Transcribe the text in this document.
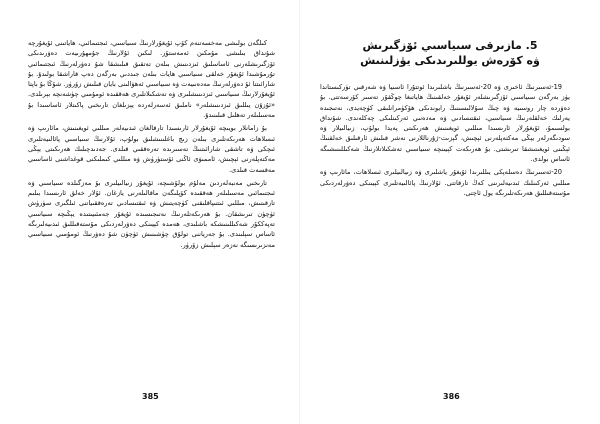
كىلگەن بولىشى مەخسەتنەم كۆپ ئۇيغۇرلارنىڭ سىياسىي، ئىجتىمائىي، ھاياتىنى ئۇيغۇرچە شۇنداق بىلىشى مۇمكىن ئەمەستۇر. لىكىن ئۇلارنىڭ جۇمھۇرىيەت دەۋرىدىكى ئۆزگىرىشلەرنى ئاساسلىق ئىزدىنىش بىلەن تەتقىق قىلىشقا شۇ دەۋرلەرنىڭ ئىجتىمائىي تۇرمۇشىدا ئۇيغۇر خەلقى سىياسىي ھايات بىلەن جىددىي بەرگەن دەپ قاراشقا بولىدۇ. بۇ شارائىتتا ئۇ دەۋرلەرنىڭ مەدەنىيەت ۋە سىياسىي ئەھۋالىنى بايان قىلىش زۆرۈر. شۇڭا بۇ باپتا ئۇيغۇرلارنىڭ سىياسىي ئىزدىنىشلىرى ۋە تەشكىلاتلىرى ھەققىدە ئومۇمىي چۈشەنچە بېرىلدى. «ئۇزۇن يىللىق ئىزدىنىشلەر» ناملىق ئەسەرلەردە يېزىلغان تارىخىي پاكىتلار ئاساسىدا بۇ مەسىلىلەر تەھلىل قىلىنىدۇ.

بۇ زامانلار بويىچە ئۇيغۇرلار ئارىسىدا تارقالغان ئىدىيەلەر مىللىي ئويغىنىش، مائارىپ ۋە ئىسلاھات ھەرىكەتلىرى بىلەن زىچ باغلىنىشلىق بولۇپ، ئۇلارنىڭ سىياسىي پائالىيەتلىرى ئىچكى ۋە تاشقى شارائىتنىڭ تەسىرىدە تەرەققىي قىلدى. جەدىدچىلىك ھەرىكىتى يېڭى مەكتەپلەرنى ئېچىش، ئاممىۋى ئاڭنى ئۆستۈرۈش ۋە مىللىي كىملىكنى قوغداشنى ئاساسىي مەقسەت قىلدى.

تارىخىي مەنبەلەردىن مەلۇم بولۇشىچە، ئۇيغۇر زىيالىيلىرى بۇ مەزگىلدە سىياسىي ۋە ئىجتىمائىي مەسىلىلەر ھەققىدە كۆپلىگەن ماقالىلەرنى يازغان. ئۇلار خەلق ئارىسىدا بىلىم تارقىتىش، مىللىي ئىتتىپاقلىقنى كۈچەيتىش ۋە ئىقتىسادىي تەرەققىياتنى ئىلگىرى سۈرۈش ئۈچۈن تىرىشقان. بۇ ھەرىكەتلەرنىڭ نەتىجىسىدە ئۇيغۇر جەمئىيىتىدە يېڭىچە سىياسىي تەپەككۇر شەكىللىنىشكە باشلىدى، ھەمدە كېيىنكى دەۋرلەردىكى مۇستەقىللىق ئىدىيەلىرىگە ئاساس سېلىندى. بۇ جەرياننى تولۇق چۈشىنىش ئۈچۈن شۇ دەۋرنىڭ ئومۇمىي سىياسىي مەنزىرىسىگە نەزەر سېلىش زۆرۈر.

385
5. مازىرقى سىياسىي ئۆزگىرىش
ۋە كۆرەش يوللىرىدىكى يۈزلىنىش

19-ئەسىرنىڭ ئاخىرى ۋە 20-ئەسىرنىڭ باشلىرىدا ئوتتۇرا ئاسىيا ۋە شەرقىي تۈركىستاندا يۈز بەرگەن سىياسىي ئۆزگىرىشلەر ئۇيغۇر خەلقىنىڭ ھاياتىغا چوڭقۇر تەسىر كۆرسەتتى. بۇ دەۋردە چار روسىيە ۋە چىڭ سۇلالىسىنىڭ رايوندىكى ھۆكۈمرانلىقى كۈچەيدى، نەتىجىدە يەرلىك خەلقلەرنىڭ سىياسىي، ئىقتىسادىي ۋە مەدەنىي ئەركىنلىكى چەكلەندى. شۇنداق بولسىمۇ، ئۇيغۇرلار ئارىسىدا مىللىي ئويغىنىش ھەرىكىتى پەيدا بولۇپ، زىيالىيلار ۋە سودىگەرلەر يېڭى مەكتەپلەرنى ئېچىش، گېزىت-ژۇرناللارنى نەشر قىلىش ئارقىلىق خەلقنىڭ ئېڭىنى ئويغىتىشقا تىرىشتى. بۇ ھەرىكەت كېيىنچە سىياسىي تەشكىلاتلارنىڭ شەكىللىنىشىگە ئاساس بولدى.

20-ئەسىرنىڭ دەسلەپكى يىللىرىدا ئۇيغۇر ياشلىرى ۋە زىيالىيلىرى ئىسلاھات، مائارىپ ۋە مىللىي ئەركىنلىك ئىدىيەلىرىنى كەڭ تارقاتتى. ئۇلارنىڭ پائالىيەتلىرى كېيىنكى دەۋرلەردىكى مۇستەقىللىق ھەرىكەتلىرىگە يول ئاچتى.

386
